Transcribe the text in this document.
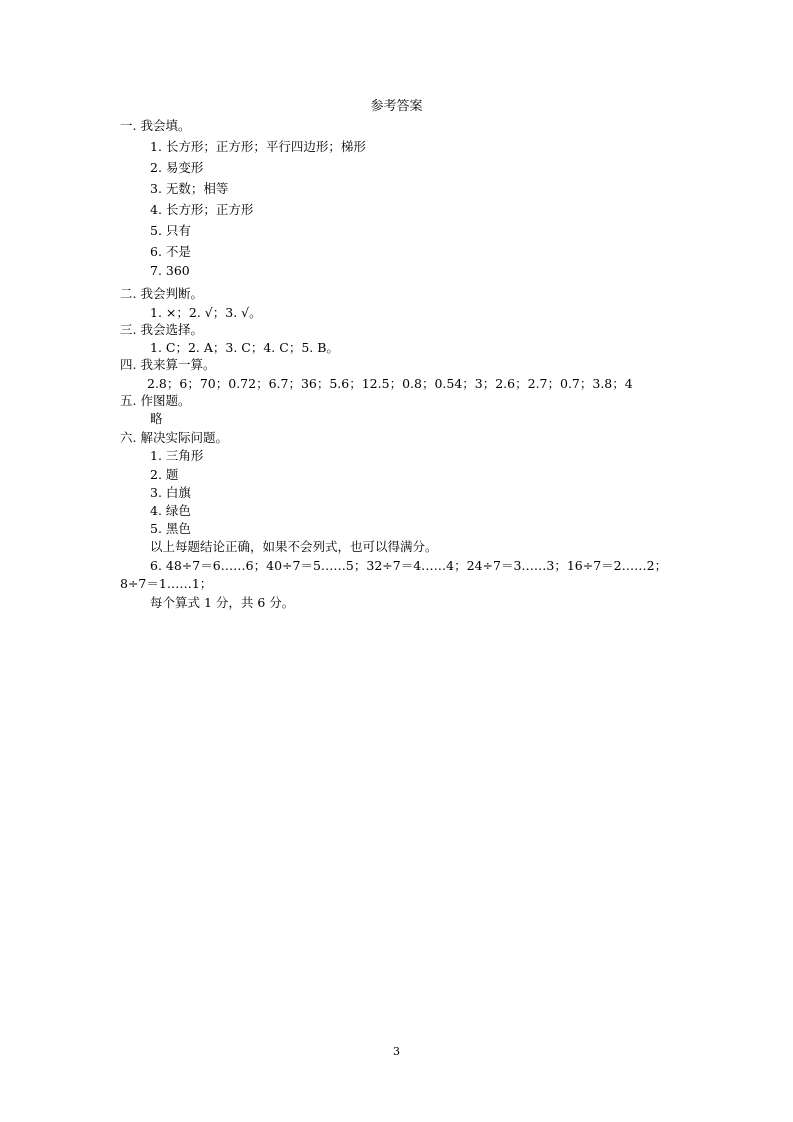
参考答案
一. 我会填。
1. 长方形；正方形；平行四边形；梯形
2. 易变形
3. 无数；相等
4. 长方形；正方形
5. 只有
6. 不是
7. 360
二. 我会判断。
1. ×；2. √；3. √。
三. 我会选择。
1. C；2. A；3. C；4. C；5. B。
四. 我来算一算。
2.8；6；70；0.72；6.7；36；5.6；12.5；0.8；0.54；3；2.6；2.7；0.7；3.8；4
五. 作图题。
略
六. 解决实际问题。
1. 三角形
2. 题
3. 白旗
4. 绿色
5. 黑色
以上每题结论正确，如果不会列式，也可以得满分。
6. 48÷7＝6……6；40÷7＝5……5；32÷7＝4……4；24÷7＝3……3；16÷7＝2……2；
8÷7＝1……1；
每个算式 1 分，共 6 分。
3
